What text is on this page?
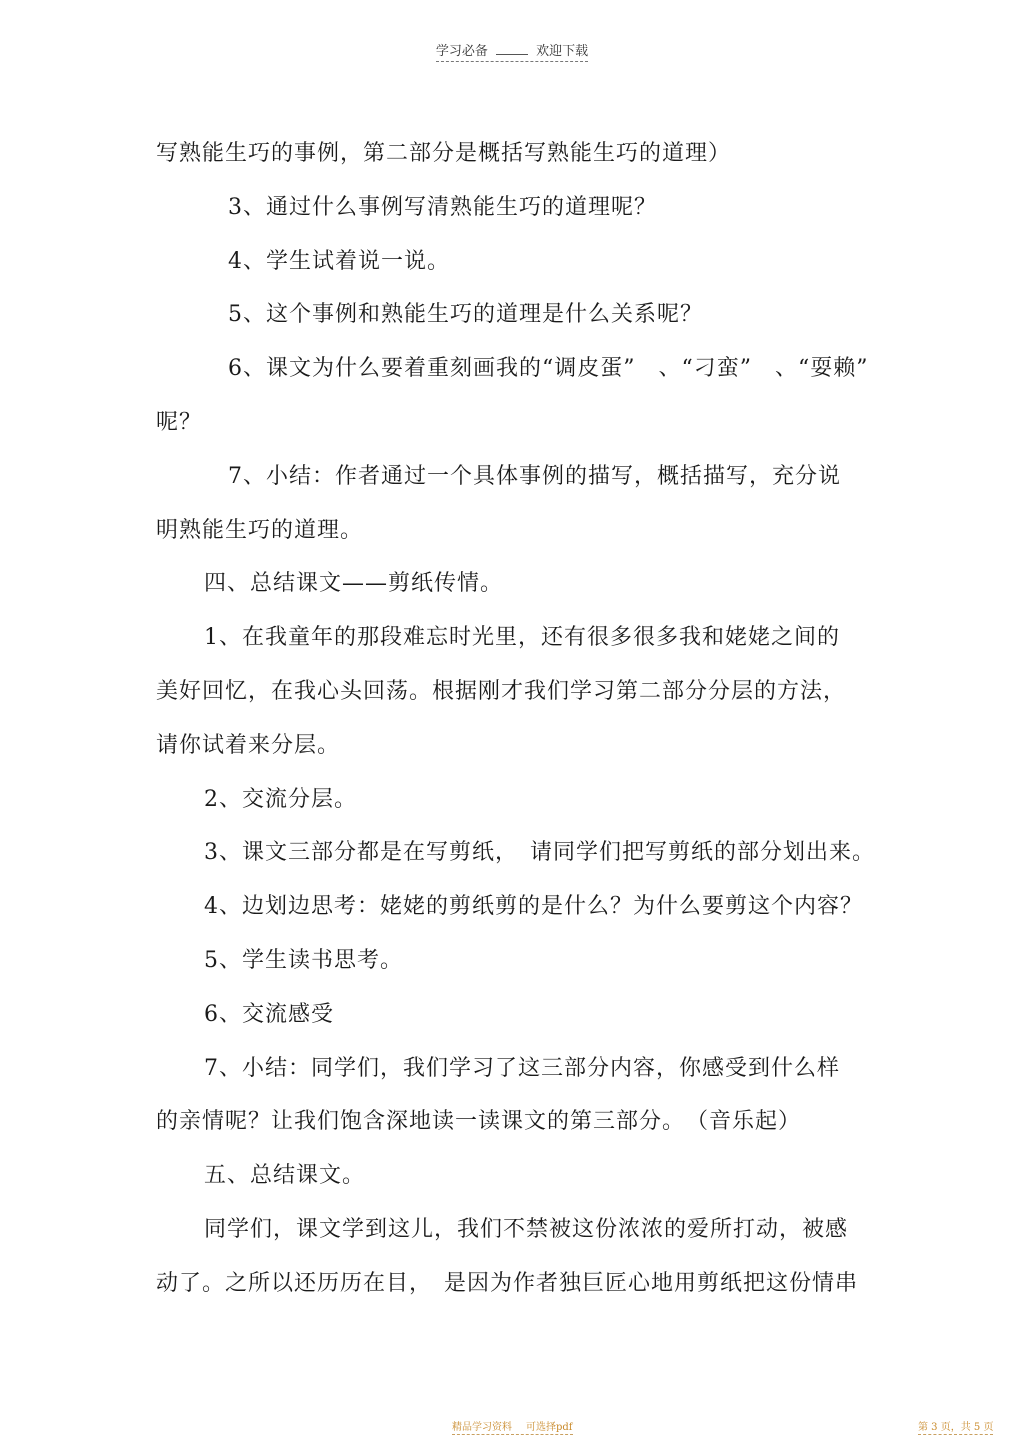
学习必备	欢迎下载
写熟能生巧的事例，第二部分是概括写熟能生巧的道理）
3、通过什么事例写清熟能生巧的道理呢？
4、学生试着说一说。
5、这个事例和熟能生巧的道理是什么关系呢？
6、课文为什么要着重刻画我的“调皮蛋”　、“刁蛮”　、“耍赖”
呢？
7、小结：作者通过一个具体事例的描写，概括描写，充分说
明熟能生巧的道理。
四、总结课文——剪纸传情。
1、在我童年的那段难忘时光里，还有很多很多我和姥姥之间的
美好回忆，在我心头回荡。根据刚才我们学习第二部分分层的方法，
请你试着来分层。
2、交流分层。
3、课文三部分都是在写剪纸，　请同学们把写剪纸的部分划出来。
4、边划边思考：姥姥的剪纸剪的是什么？为什么要剪这个内容？
5、学生读书思考。
6、交流感受
7、小结：同学们，我们学习了这三部分内容，你感受到什么样
的亲情呢？让我们饱含深地读一读课文的第三部分。　（音乐起）
五、总结课文。
同学们，课文学到这儿，我们不禁被这份浓浓的爱所打动，被感
动了。之所以还历历在目，　是因为作者独巨匠心地用剪纸把这份情串
精品学习资料 可选择pdf	第 3 页，共 5 页
